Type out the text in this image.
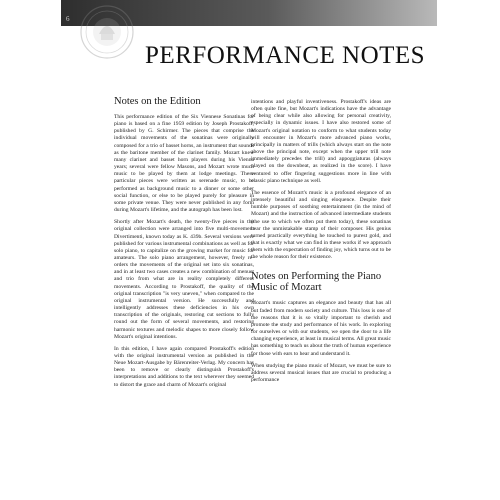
6
PERFORMANCE NOTES
Notes on the Edition

This performance edition of the Six Viennese Sonatinas for piano is based on a fine 1959 edition by Joseph Prostakoff, published by G. Schirmer. The pieces that comprise the individual movements of the sonatinas were originally composed for a trio of basset horns, an instrument that sounds as the baritone member of the clarinet family. Mozart knew many clarinet and basset horn players during his Vienna years; several were fellow Masons, and Mozart wrote much music to be played by them at lodge meetings. These particular pieces were written as serenade music, to be performed as background music to a dinner or some other social function, or else to be played purely for pleasure in some private venue. They were never published in any form during Mozart's lifetime, and the autograph has been lost.

Shortly after Mozart's death, the twenty-five pieces in the original collection were arranged into five multi-movement Divertimenti, known today as K. 439b. Several versions were published for various instrumental combinations as well as for solo piano, to capitalize on the growing market for music for amateurs. The solo piano arrangement, however, freely re-orders the movements of the original set into six sonatinas, and in at least two cases creates a new combination of menuet and trio from what are in reality completely different movements. According to Prostakoff, the quality of the original transcription "is very uneven," when compared to the original instrumental version. He successfully and intelligently addresses these deficiencies in his own transcription of the originals, restoring cut sections to fully round out the form of several movements, and restoring harmonic textures and melodic shapes to more closely follow Mozart's original intentions.

In this edition, I have again compared Prostakoff's edition with the original instrumental version as published in the Neue Mozart-Ausgabe by Bärenreiter-Verlag. My concern has been to remove or clearly distinguish Prostakoff's interpretations and additions to the text wherever they seemed to distort the grace and charm of Mozart's original

intentions and playful inventiveness. Prostakoff's ideas are often quite fine, but Mozart's indications have the advantage of being clear while also allowing for personal creativity, especially in dynamic issues. I have also restored some of Mozart's original notation to conform to what students today will encounter in Mozart's more advanced piano works, principally in matters of trills (which always start on the note above the principal note, except when the upper trill note immediately precedes the trill) and appoggiaturas (always played on the downbeat, as realized in the score). I have ventured to offer fingering suggestions more in line with classic piano technique as well.

The essence of Mozart's music is a profound elegance of an intensely beautiful and singing eloquence. Despite their humble purposes of soothing entertainment (in the mind of Mozart) and the instruction of advanced intermediate students (the use to which we often put them today), these sonatinas bear the unmistakable stamp of their composer. His genius turned practically everything he touched to purest gold, and that is exactly what we can find in these works if we approach them with the expectation of finding joy, which turns out to be the whole reason for their existence.

Notes on Performing the Piano Music of Mozart

Mozart's music captures an elegance and beauty that has all but faded from modern society and culture. This loss is one of the reasons that it is so vitally important to cherish and promote the study and performance of his work. In exploring for ourselves or with our students, we open the door to a life changing experience, at least in musical terms. All great music has something to teach us about the truth of human experience for those with ears to hear and understand it.

When studying the piano music of Mozart, we must be sure to address several musical issues that are crucial to producing a performance
